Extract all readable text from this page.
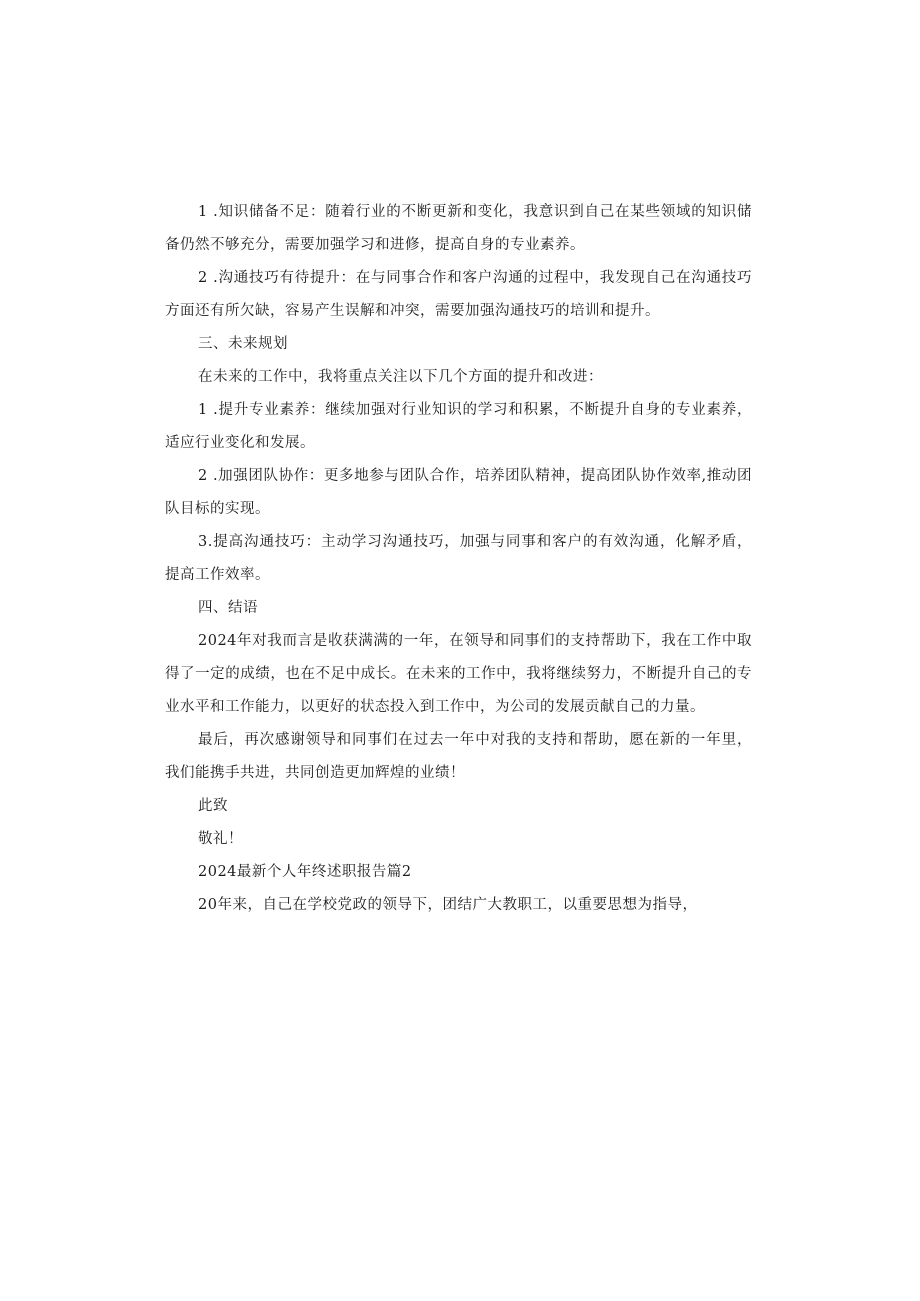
1 .知识储备不足：随着行业的不断更新和变化，我意识到自己在某些领域的知识储备仍然不够充分，需要加强学习和进修，提高自身的专业素养。

2 .沟通技巧有待提升：在与同事合作和客户沟通的过程中，我发现自己在沟通技巧方面还有所欠缺，容易产生误解和冲突，需要加强沟通技巧的培训和提升。

三、未来规划

在未来的工作中，我将重点关注以下几个方面的提升和改进：

1 .提升专业素养：继续加强对行业知识的学习和积累，不断提升自身的专业素养，适应行业变化和发展。

2 .加强团队协作：更多地参与团队合作，培养团队精神，提高团队协作效率,推动团队目标的实现。

3.提高沟通技巧：主动学习沟通技巧，加强与同事和客户的有效沟通，化解矛盾，提高工作效率。

四、结语

2024年对我而言是收获满满的一年，在领导和同事们的支持帮助下，我在工作中取得了一定的成绩，也在不足中成长。在未来的工作中，我将继续努力，不断提升自己的专业水平和工作能力，以更好的状态投入到工作中，为公司的发展贡献自己的力量。

最后，再次感谢领导和同事们在过去一年中对我的支持和帮助，愿在新的一年里，我们能携手共进，共同创造更加辉煌的业绩！

此致

敬礼！

2024最新个人年终述职报告篇2

20年来，自己在学校党政的领导下，团结广大教职工，以重要思想为指导，
